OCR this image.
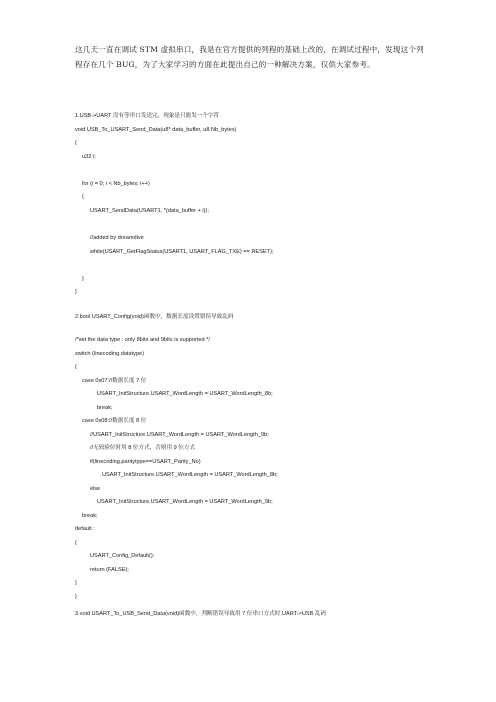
这几天一直在调试 STM 虚拟串口，我是在官方提供的列程的基础上改的，在调试过程中，发现这个列程存在几个 BUG，为了大家学习的方面在此提出自己的一种解决方案，仅供大家参考。
1.USB->UART 没有等串口发送完，现象是只能发一个字符
void USB_To_USART_Send_Data(u8* data_buffer, u8 Nb_bytes)
{
u32 i;
for (i = 0; i < Nb_bytes; i++)
{
USART_SendData(USART1, *(data_buffer + i));
//added by dreamdive
while(USART_GetFlagStatus(USART1, USART_FLAG_TXE) == RESET);
}
}
2.bool USART_Config(void)函数中，数据长度设置错误导致乱码
/*set the data type : only 8bits and 9bits is supported */
switch (linecoding.datatype)
{
case 0x07://数据长度 7 位
USART_InitStructure.USART_WordLength = USART_WordLength_8b;
break;
case 0x08://数据长度 8 位
//USART_InitStructure.USART_WordLength = USART_WordLength_9b;
//无较验位时用 8 位方式，否则用 9 位方式
if(linecoding.paritytype==USART_Parity_No)
USART_InitStructure.USART_WordLength = USART_WordLength_8b;
else
USART_InitStructure.USART_WordLength = USART_WordLength_9b;
break;
default :
{
USART_Config_Default();
return (FALSE);
}
}
3.void USART_To_USB_Send_Data(void)函数中，判断错误导致用 7 位串口方式时 UART->USB 乱码
